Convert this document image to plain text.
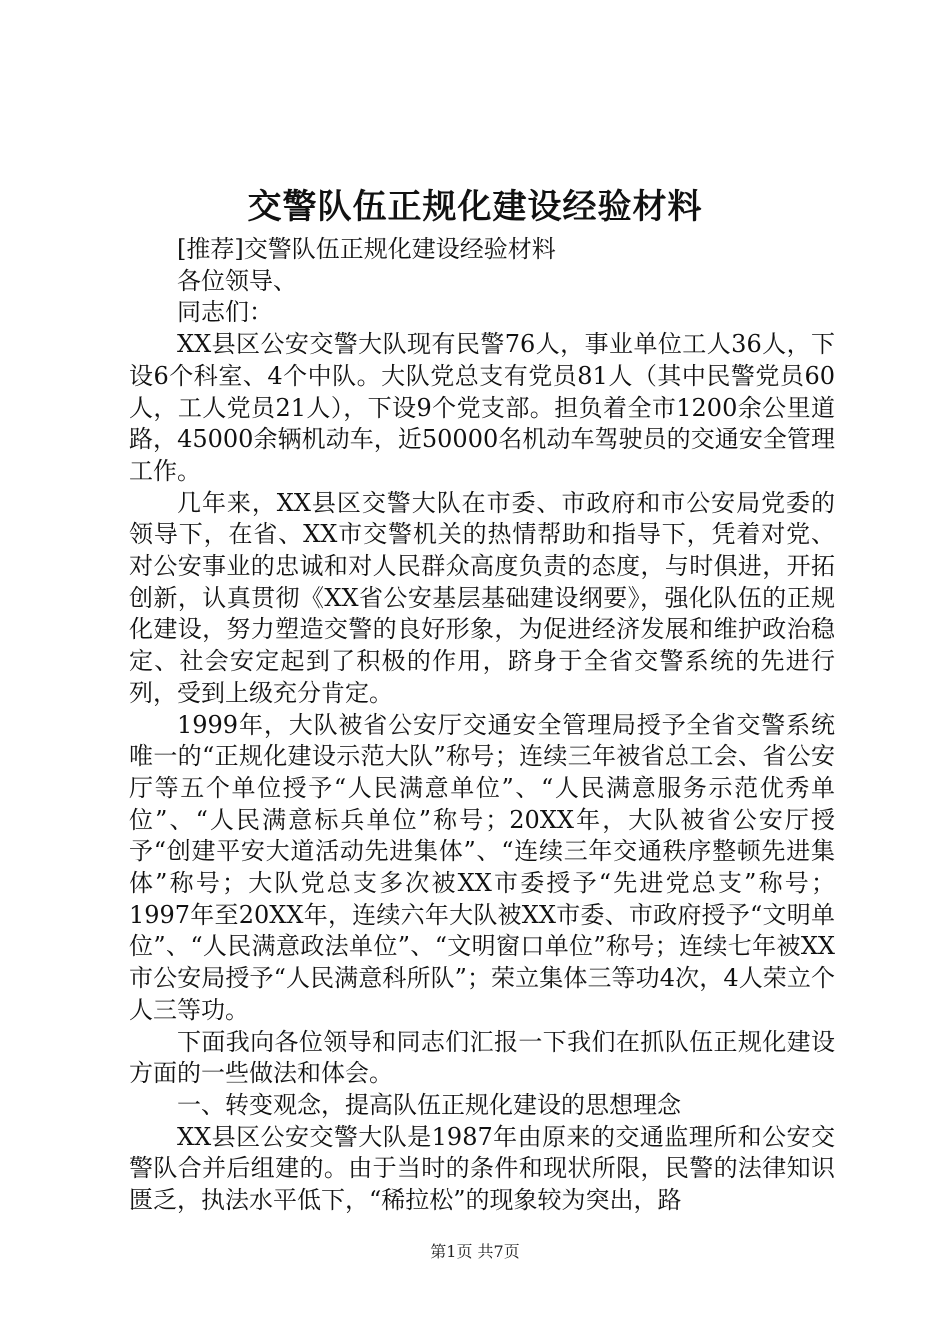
交警队伍正规化建设经验材料

[推荐]交警队伍正规化建设经验材料

各位领导、

同志们：

XX县区公安交警大队现有民警76人，事业单位工人36人，下设6个科室、4个中队。大队党总支有党员81人（其中民警党员60人，工人党员21人），下设9个党支部。担负着全市1200余公里道路，45000余辆机动车，近50000名机动车驾驶员的交通安全管理工作。

几年来，XX县区交警大队在市委、市政府和市公安局党委的领导下，在省、XX市交警机关的热情帮助和指导下，凭着对党、对公安事业的忠诚和对人民群众高度负责的态度，与时俱进，开拓创新，认真贯彻《XX省公安基层基础建设纲要》，强化队伍的正规化建设，努力塑造交警的良好形象，为促进经济发展和维护政治稳定、社会安定起到了积极的作用，跻身于全省交警系统的先进行列，受到上级充分肯定。

1999年，大队被省公安厅交通安全管理局授予全省交警系统唯一的“正规化建设示范大队”称号；连续三年被省总工会、省公安厅等五个单位授予“人民满意单位”、“人民满意服务示范优秀单位”、“人民满意标兵单位”称号；20XX年，大队被省公安厅授予“创建平安大道活动先进集体”、“连续三年交通秩序整顿先进集体”称号；大队党总支多次被XX市委授予“先进党总支”称号；1997年至20XX年，连续六年大队被XX市委、市政府授予“文明单位”、“人民满意政法单位”、“文明窗口单位”称号；连续七年被XX市公安局授予“人民满意科所队”；荣立集体三等功4次，4人荣立个人三等功。

下面我向各位领导和同志们汇报一下我们在抓队伍正规化建设方面的一些做法和体会。

一、转变观念，提高队伍正规化建设的思想理念

XX县区公安交警大队是1987年由原来的交通监理所和公安交警队合并后组建的。由于当时的条件和现状所限，民警的法律知识匮乏，执法水平低下，“稀拉松”的现象较为突出，路

第1页 共7页
